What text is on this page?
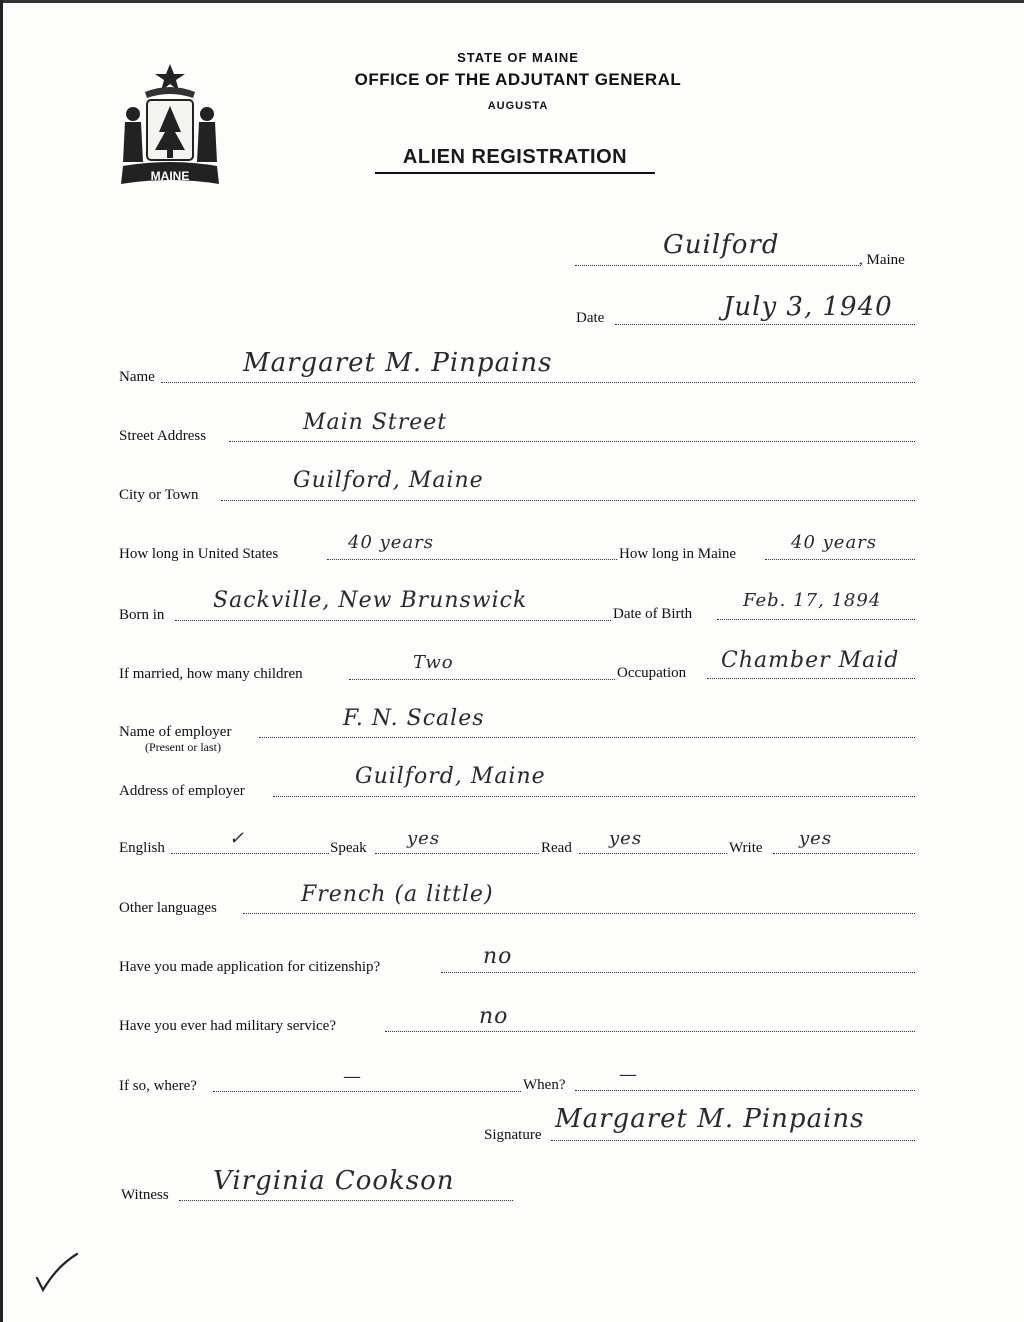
MAINE
STATE OF MAINE
OFFICE OF THE ADJUTANT GENERAL
AUGUSTA
ALIEN REGISTRATION
Guilford	, Maine
Date	July 3, 1940
Name	Margaret M. Pinpains
Street Address
Main Street
City or Town
Guilford, Maine
How long in United States
40 years
How long in Maine
40 years
Born in
Sackville, New Brunswick
Date of Birth
Feb. 17, 1894
If married, how many children
Two	Occupation Chamber Maid
Name of employer
(Present or last)
F. N. Scales
Address of employer
Guilford, Maine
English	✓	Speak yes	Read yes	Write yes
Other languages
French (a little)
Have you made application for citizenship?	no
Have you ever had military service?	no
If so, where?	—	When?	—
Signature
Margaret M. Pinpains
Witness Virginia Cookson
